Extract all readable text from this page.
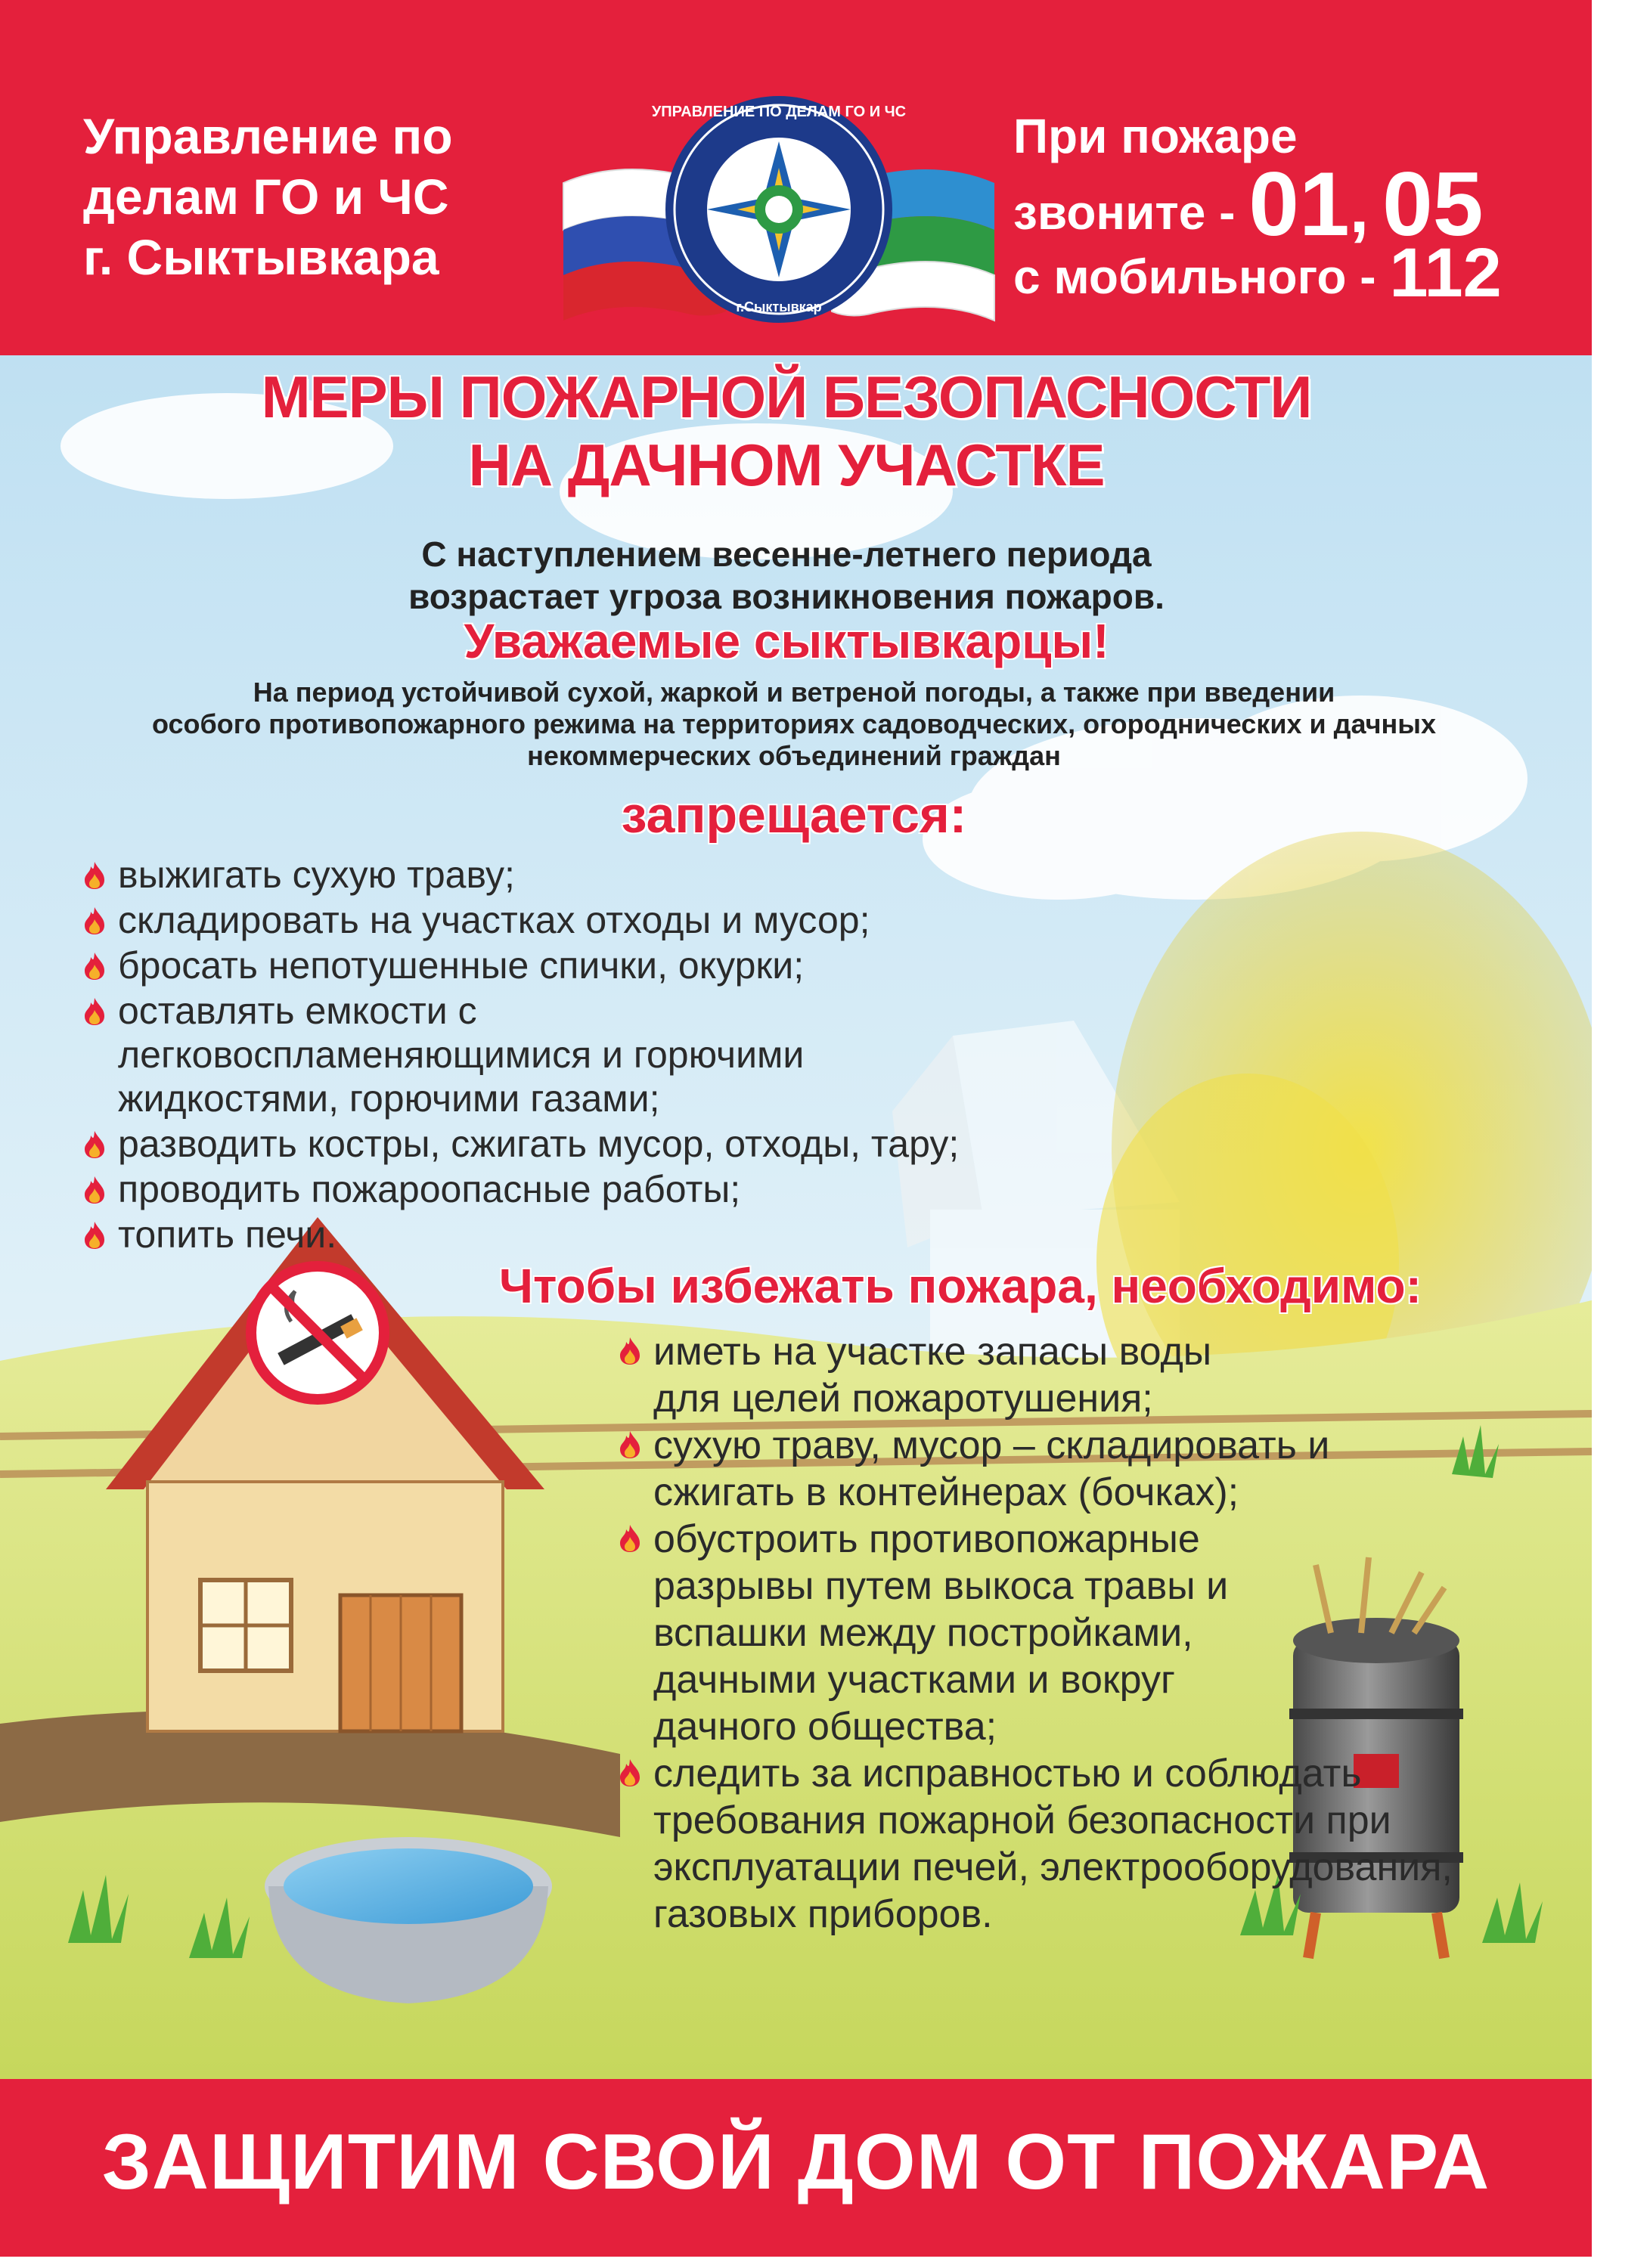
Управление по
делам ГО и ЧС
г. Сыктывкара
УПРАВЛЕНИЕ ПО ДЕЛАМ ГО И ЧС
г.Сыктывкар
При пожаре
звоните - 01, 05
с мобильного - 112
МЕРЫ ПОЖАРНОЙ БЕЗОПАСНОСТИ
НА ДАЧНОМ УЧАСТКЕ
С наступлением весенне-летнего периода
возрастает угроза возникновения пожаров.
Уважаемые сыктывкарцы!
На период устойчивой сухой, жаркой и ветреной погоды, а также при введении
особого противопожарного режима на территориях садоводческих, огороднических и дачных
некоммерческих объединений граждан
запрещается:
выжигать сухую траву;
складировать на участках отходы и мусор;
бросать непотушенные спички, окурки;
оставлять емкости с легковоспламеняющимися и горючими жидкостями, горючими газами;
разводить костры, сжигать мусор, отходы, тару;
проводить пожароопасные работы;
топить печи.
Чтобы избежать пожара, необходимо:
иметь на участке запасы воды для целей пожаротушения;
сухую траву, мусор – складировать и сжигать в контейнерах (бочках);
обустроить противопожарные разрывы путем выкоса травы и вспашки между постройками, дачными участками и вокруг дачного общества;
следить за исправностью и соблюдать требования пожарной безопасности при эксплуатации печей, электрооборудования, газовых приборов.
ЗАЩИТИМ СВОЙ ДОМ ОТ ПОЖАРА
